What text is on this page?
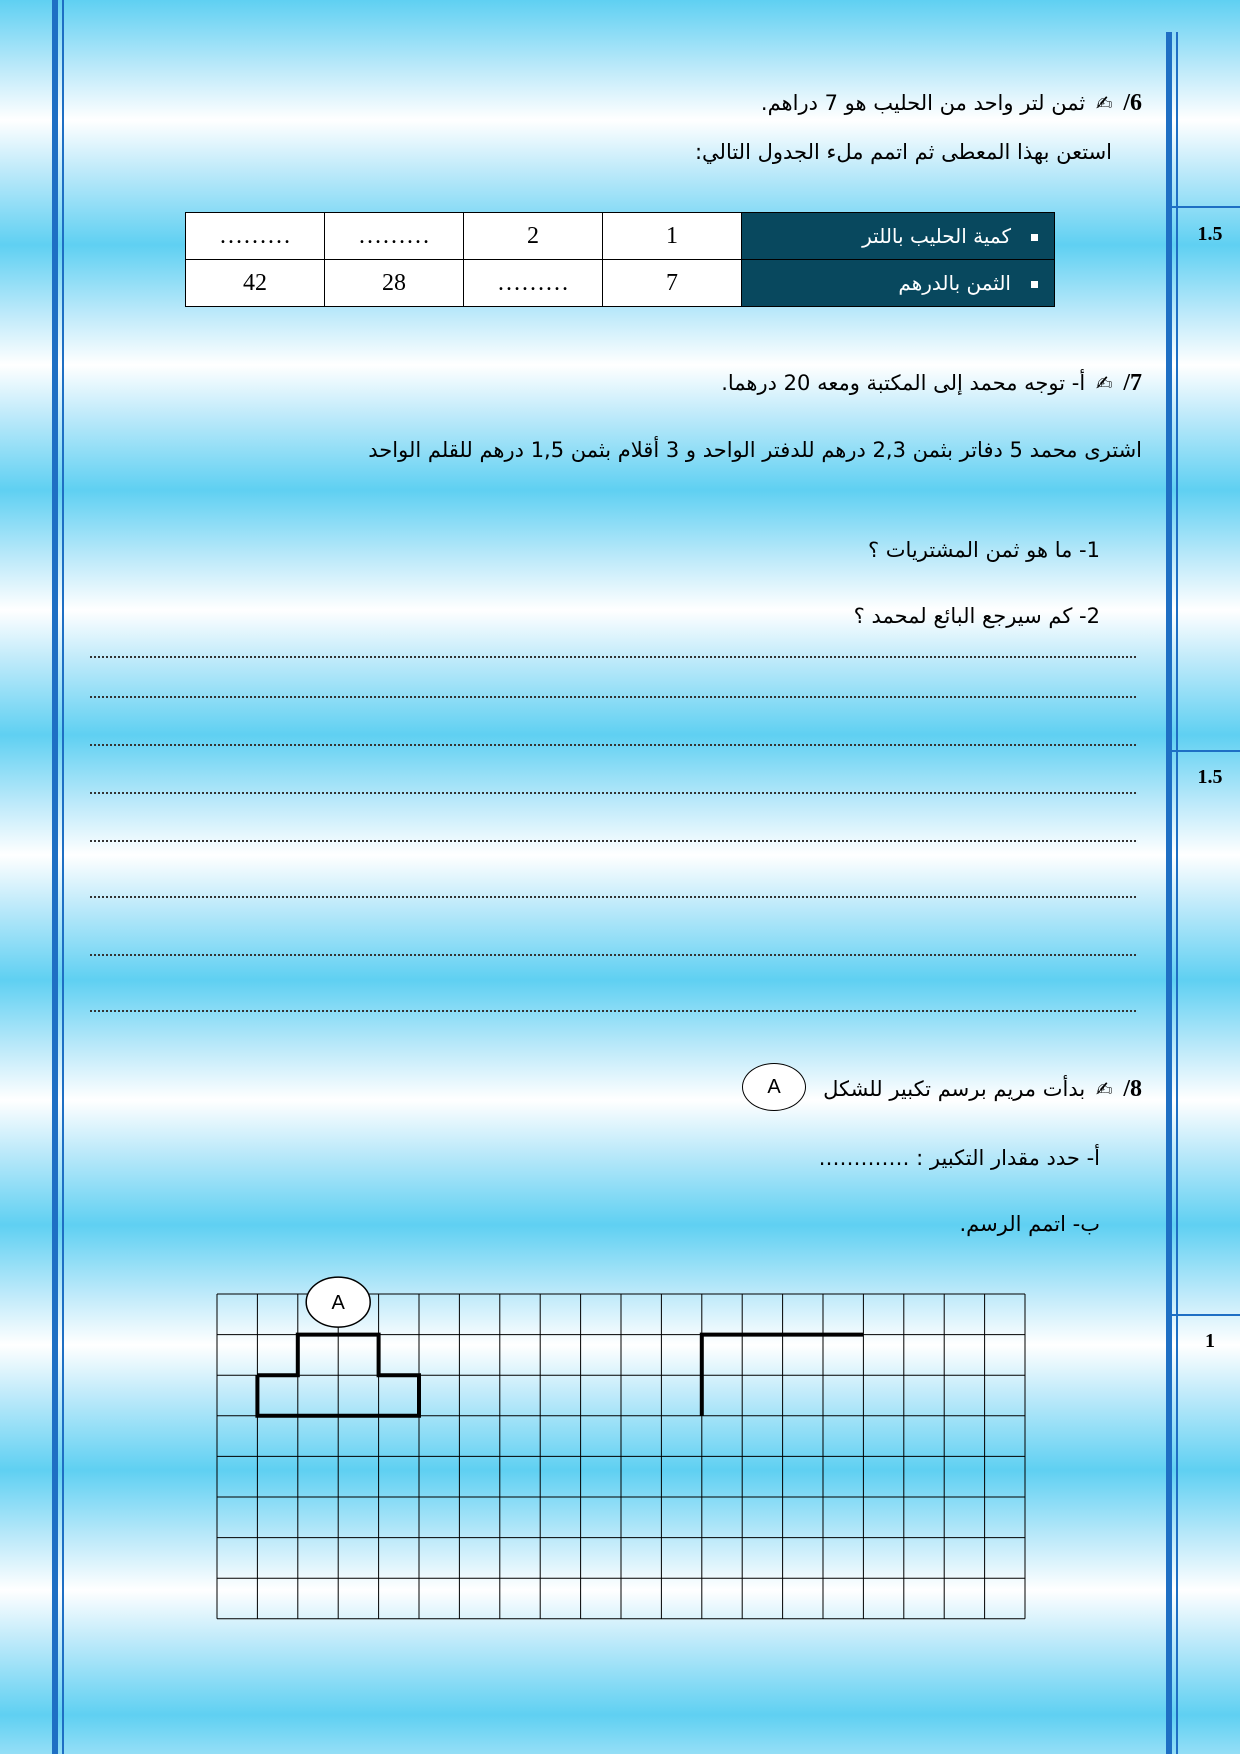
1.5
1.5
1
6/ ✍ ثمن لتر واحد من الحليب هو 7 دراهم.
استعن بهذا المعطى ثم اتمم ملء الجدول التالي:
………	………	2	1	كمية الحليب باللتر
42	28	………	7	الثمن بالدرهم
7/ ✍ أ- توجه محمد إلى المكتبة ومعه 20 درهما.
اشترى محمد 5 دفاتر بثمن 2,3 درهم للدفتر الواحد و 3 أقلام بثمن 1,5 درهم للقلم الواحد
1- ما هو ثمن المشتريات ؟
2- كم سيرجع البائع لمحمد ؟
8/ ✍ بدأت مريم برسم تكبير للشكل
A
أ- حدد مقدار التكبير : ………….
ب- اتمم الرسم.
A
